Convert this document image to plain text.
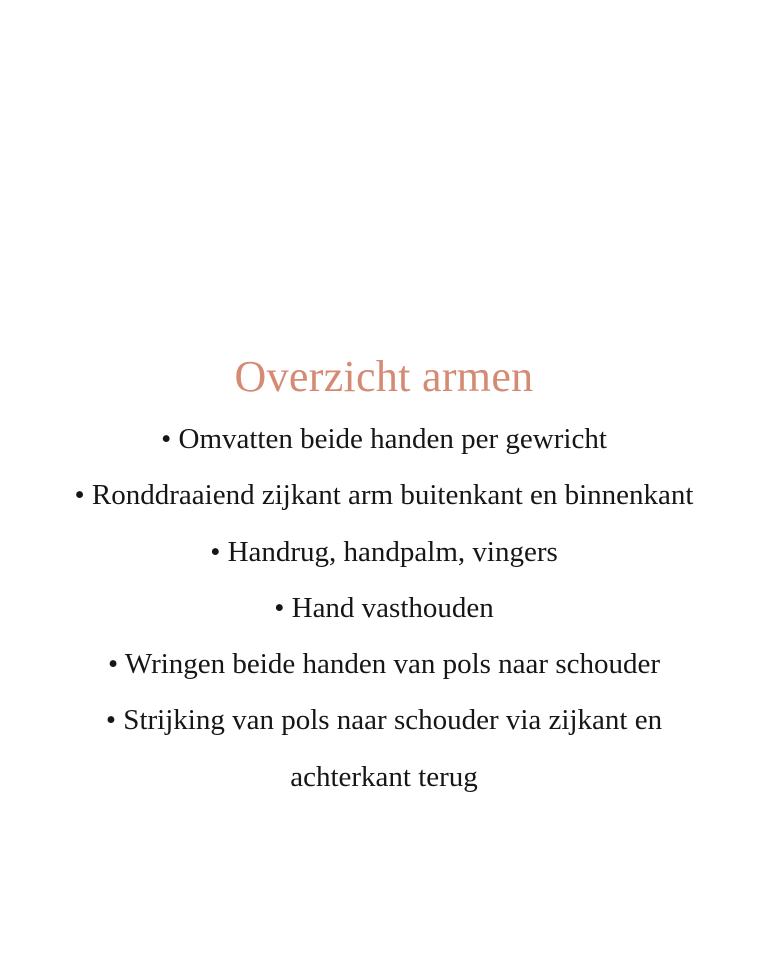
Overzicht armen
• Omvatten beide handen per gewricht
• Ronddraaiend zijkant arm buitenkant en binnenkant
• Handrug, handpalm, vingers
• Hand vasthouden
• Wringen beide handen van pols naar schouder
• Strijking van pols naar schouder via zijkant en achterkant terug
